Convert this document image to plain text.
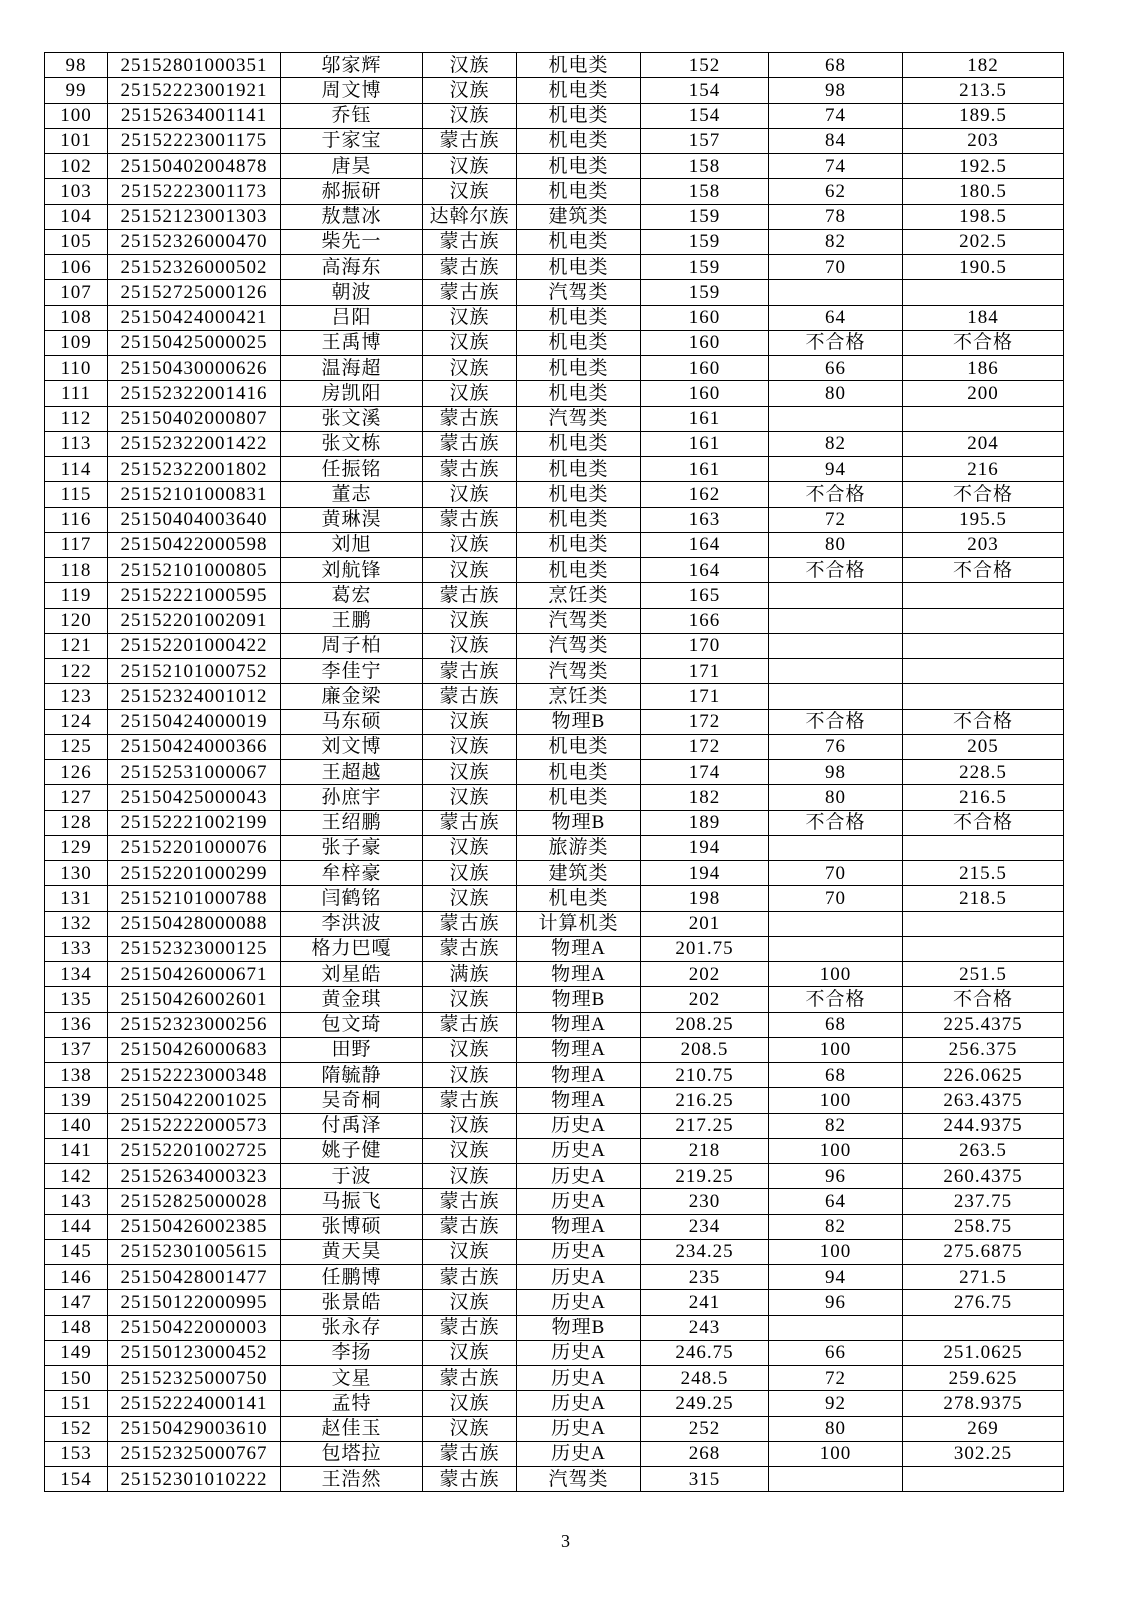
98	25152801000351	邬家辉	汉族	机电类	152	68	182
99	25152223001921	周文博	汉族	机电类	154	98	213.5
100	25152634001141	乔钰	汉族	机电类	154	74	189.5
101	25152223001175	于家宝	蒙古族	机电类	157	84	203
102	25150402004878	唐昊	汉族	机电类	158	74	192.5
103	25152223001173	郝振研	汉族	机电类	158	62	180.5
104	25152123001303	敖慧冰	达斡尔族	建筑类	159	78	198.5
105	25152326000470	柴先一	蒙古族	机电类	159	82	202.5
106	25152326000502	高海东	蒙古族	机电类	159	70	190.5
107	25152725000126	朝波	蒙古族	汽驾类	159		
108	25150424000421	吕阳	汉族	机电类	160	64	184
109	25150425000025	王禹博	汉族	机电类	160	不合格	不合格
110	25150430000626	温海超	汉族	机电类	160	66	186
111	25152322001416	房凯阳	汉族	机电类	160	80	200
112	25150402000807	张文溪	蒙古族	汽驾类	161		
113	25152322001422	张文栋	蒙古族	机电类	161	82	204
114	25152322001802	任振铭	蒙古族	机电类	161	94	216
115	25152101000831	董志	汉族	机电类	162	不合格	不合格
116	25150404003640	黄琳淏	蒙古族	机电类	163	72	195.5
117	25150422000598	刘旭	汉族	机电类	164	80	203
118	25152101000805	刘航锋	汉族	机电类	164	不合格	不合格
119	25152221000595	葛宏	蒙古族	烹饪类	165		
120	25152201002091	王鹏	汉族	汽驾类	166		
121	25152201000422	周子柏	汉族	汽驾类	170		
122	25152101000752	李佳宁	蒙古族	汽驾类	171		
123	25152324001012	廉金梁	蒙古族	烹饪类	171		
124	25150424000019	马东硕	汉族	物理B	172	不合格	不合格
125	25150424000366	刘文博	汉族	机电类	172	76	205
126	25152531000067	王超越	汉族	机电类	174	98	228.5
127	25150425000043	孙庶宇	汉族	机电类	182	80	216.5
128	25152221002199	王绍鹏	蒙古族	物理B	189	不合格	不合格
129	25152201000076	张子豪	汉族	旅游类	194		
130	25152201000299	牟梓豪	汉族	建筑类	194	70	215.5
131	25152101000788	闫鹤铭	汉族	机电类	198	70	218.5
132	25150428000088	李洪波	蒙古族	计算机类	201		
133	25152323000125	格力巴嘎	蒙古族	物理A	201.75		
134	25150426000671	刘星皓	满族	物理A	202	100	251.5
135	25150426002601	黄金琪	汉族	物理B	202	不合格	不合格
136	25152323000256	包文琦	蒙古族	物理A	208.25	68	225.4375
137	25150426000683	田野	汉族	物理A	208.5	100	256.375
138	25152223000348	隋毓静	汉族	物理A	210.75	68	226.0625
139	25150422001025	吴奇桐	蒙古族	物理A	216.25	100	263.4375
140	25152222000573	付禹泽	汉族	历史A	217.25	82	244.9375
141	25152201002725	姚子健	汉族	历史A	218	100	263.5
142	25152634000323	于波	汉族	历史A	219.25	96	260.4375
143	25152825000028	马振飞	蒙古族	历史A	230	64	237.75
144	25150426002385	张博硕	蒙古族	物理A	234	82	258.75
145	25152301005615	黄天昊	汉族	历史A	234.25	100	275.6875
146	25150428001477	任鹏博	蒙古族	历史A	235	94	271.5
147	25150122000995	张景皓	汉族	历史A	241	96	276.75
148	25150422000003	张永存	蒙古族	物理B	243		
149	25150123000452	李扬	汉族	历史A	246.75	66	251.0625
150	25152325000750	文星	蒙古族	历史A	248.5	72	259.625
151	25152224000141	孟特	汉族	历史A	249.25	92	278.9375
152	25150429003610	赵佳玉	汉族	历史A	252	80	269
153	25152325000767	包塔拉	蒙古族	历史A	268	100	302.25
154	25152301010222	王浩然	蒙古族	汽驾类	315		
3
